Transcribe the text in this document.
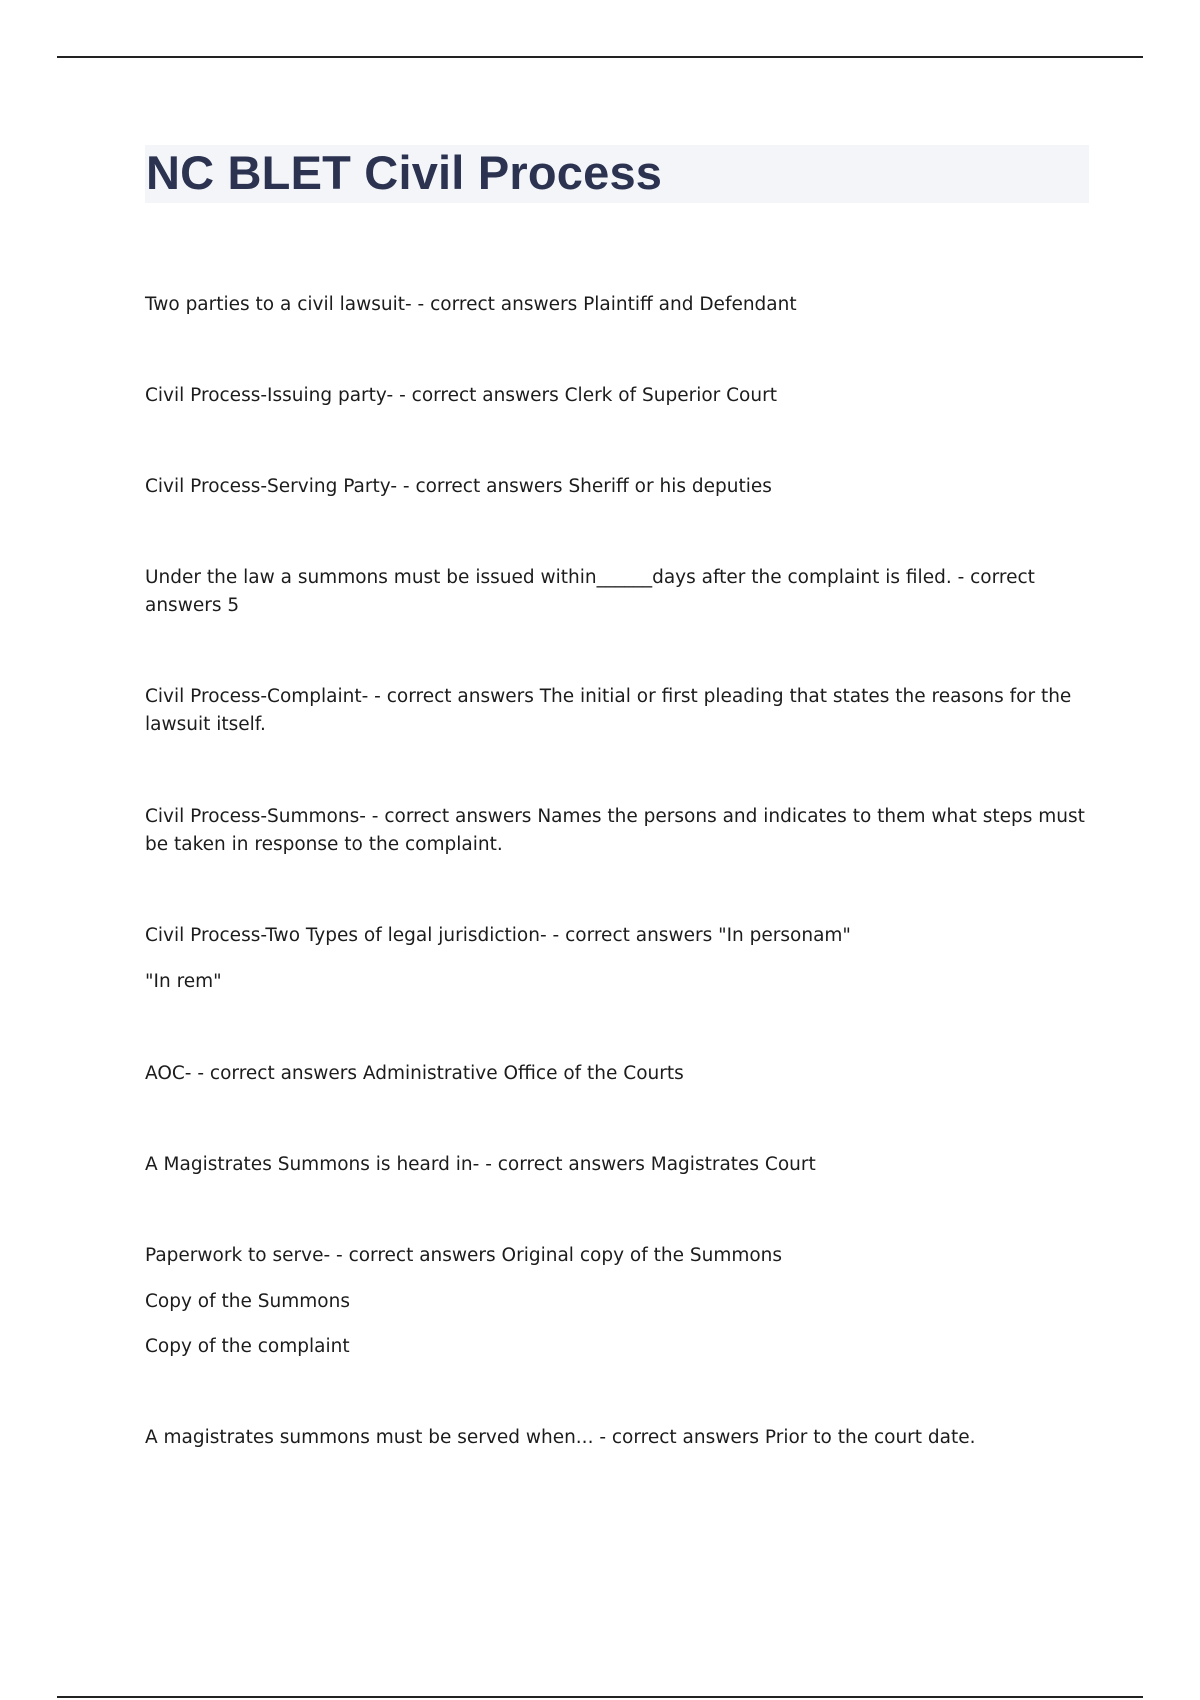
NC BLET Civil Process

Two parties to a civil lawsuit- - correct answers Plaintiff and Defendant

Civil Process-Issuing party- - correct answers Clerk of Superior Court

Civil Process-Serving Party- - correct answers Sheriff or his deputies

Under the law a summons must be issued within______days after the complaint is filed. - correct answers 5

Civil Process-Complaint- - correct answers The initial or first pleading that states the reasons for the lawsuit itself.

Civil Process-Summons- - correct answers Names the persons and indicates to them what steps must be taken in response to the complaint.

Civil Process-Two Types of legal jurisdiction- - correct answers "In personam"

"In rem"

AOC- - correct answers Administrative Office of the Courts

A Magistrates Summons is heard in- - correct answers Magistrates Court

Paperwork to serve- - correct answers Original copy of the Summons

Copy of the Summons

Copy of the complaint

A magistrates summons must be served when... - correct answers Prior to the court date.
